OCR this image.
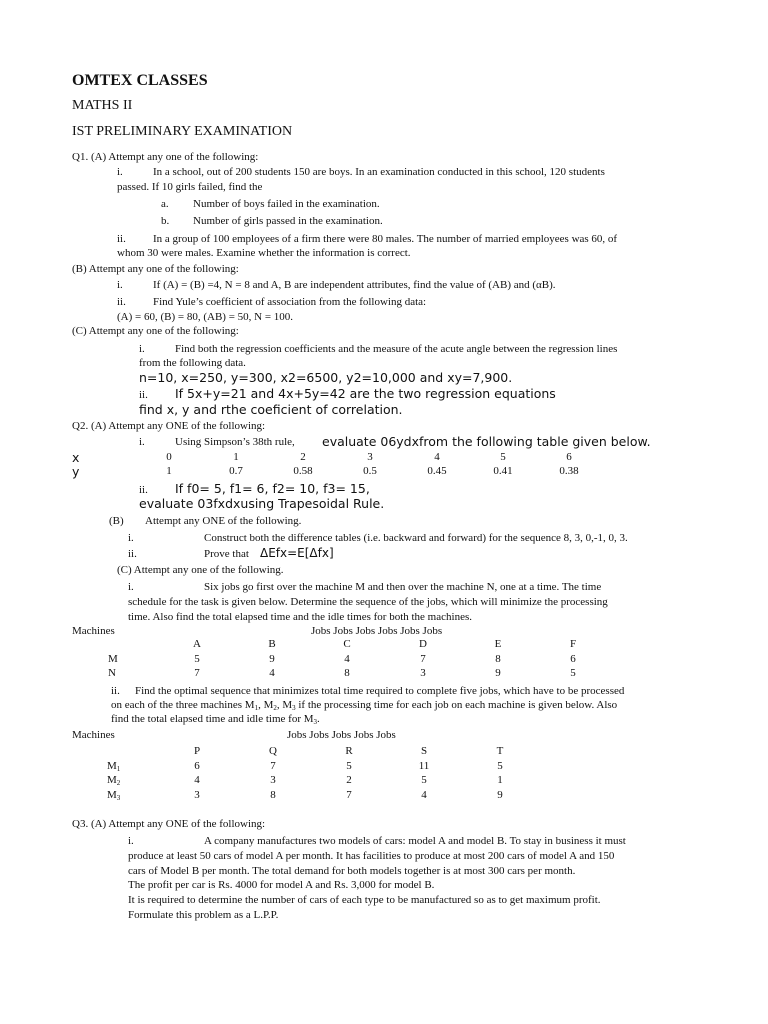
OMTEX CLASSES
MATHS II
IST PRELIMINARY EXAMINATION
Q1. (A) Attempt any one of the following:
i.	In a school, out of 200 students 150 are boys. In an examination conducted in this school, 120 students
passed. If 10 girls failed, find the
a. Number of boys failed in the examination.
b. Number of girls passed in the examination.
ii. In a group of 100 employees of a firm there were 80 males. The number of married employees was 60, of
whom 30 were males. Examine whether the information is correct.
(B) Attempt any one of the following:
i.	If (A) = (B) =4, N = 8 and A, B are independent attributes, find the value of (AB) and (αB).
ii. Find Yule’s coefficient of association from the following data:
(A) = 60, (B) = 80, (AB) = 50, N = 100.
(C) Attempt any one of the following:
i.	Find both the regression coefficients and the measure of the acute angle between the regression lines
from the following data.
n=10, x=250, y=300, x2=6500, y2=10,000 and xy=7,900.
ii. If 5x+y=21 and 4x+5y=42 are the two regression equations
find x, y and rthe coeficient of correlation.
Q2. (A) Attempt any ONE of the following:
i.	Using Simpson’s 38th rule, evaluate 06ydxfrom the following table given below.
x	0	1	2	3	4	5	6
y	1	0.7	0.58	0.5	0.45	0.41	0.38
ii. If f0= 5, f1= 6, f2= 10, f3= 15,
evaluate 03fxdxusing Trapesoidal Rule.
(B) Attempt any ONE of the following.
i.	Construct both the difference tables (i.e. backward and forward) for the sequence 8, 3, 0,-1, 0, 3.
ii.	Prove that ΔEfx=E[Δfx]
(C) Attempt any one of the following.
i.	Six jobs go first over the machine M and then over the machine N, one at a time. The time
schedule for the task is given below. Determine the sequence of the jobs, which will minimize the processing
time. Also find the total elapsed time and the idle times for both the machines.
Machines	Jobs Jobs Jobs Jobs Jobs Jobs
A	B	C	D	E	F
M	5	9	4	7	8	6
N	7	4	8	3	9	5
ii. Find the optimal sequence that minimizes total time required to complete five jobs, which have to be processed
on each of the three machines $M_1$, $M_2$, $M_3$ if the processing time for each job on each machine is given below. Also
find the total elapsed time and idle time for $M_3$.
Machines	Jobs Jobs Jobs Jobs Jobs
P	Q	R	S	T
$M_1$	6	7	5	11	5
$M_2$	4	3	2	5	1
$M_3$	3	8	7	4	9
Q3. (A) Attempt any ONE of the following:
i.	A company manufactures two models of cars: model A and model B. To stay in business it must
produce at least 50 cars of model A per month. It has facilities to produce at most 200 cars of model A and 150
cars of Model B per month. The total demand for both models together is at most 300 cars per month.
The profit per car is Rs. 4000 for model A and Rs. 3,000 for model B.
It is required to determine the number of cars of each type to be manufactured so as to get maximum profit.
Formulate this problem as a L.P.P.
